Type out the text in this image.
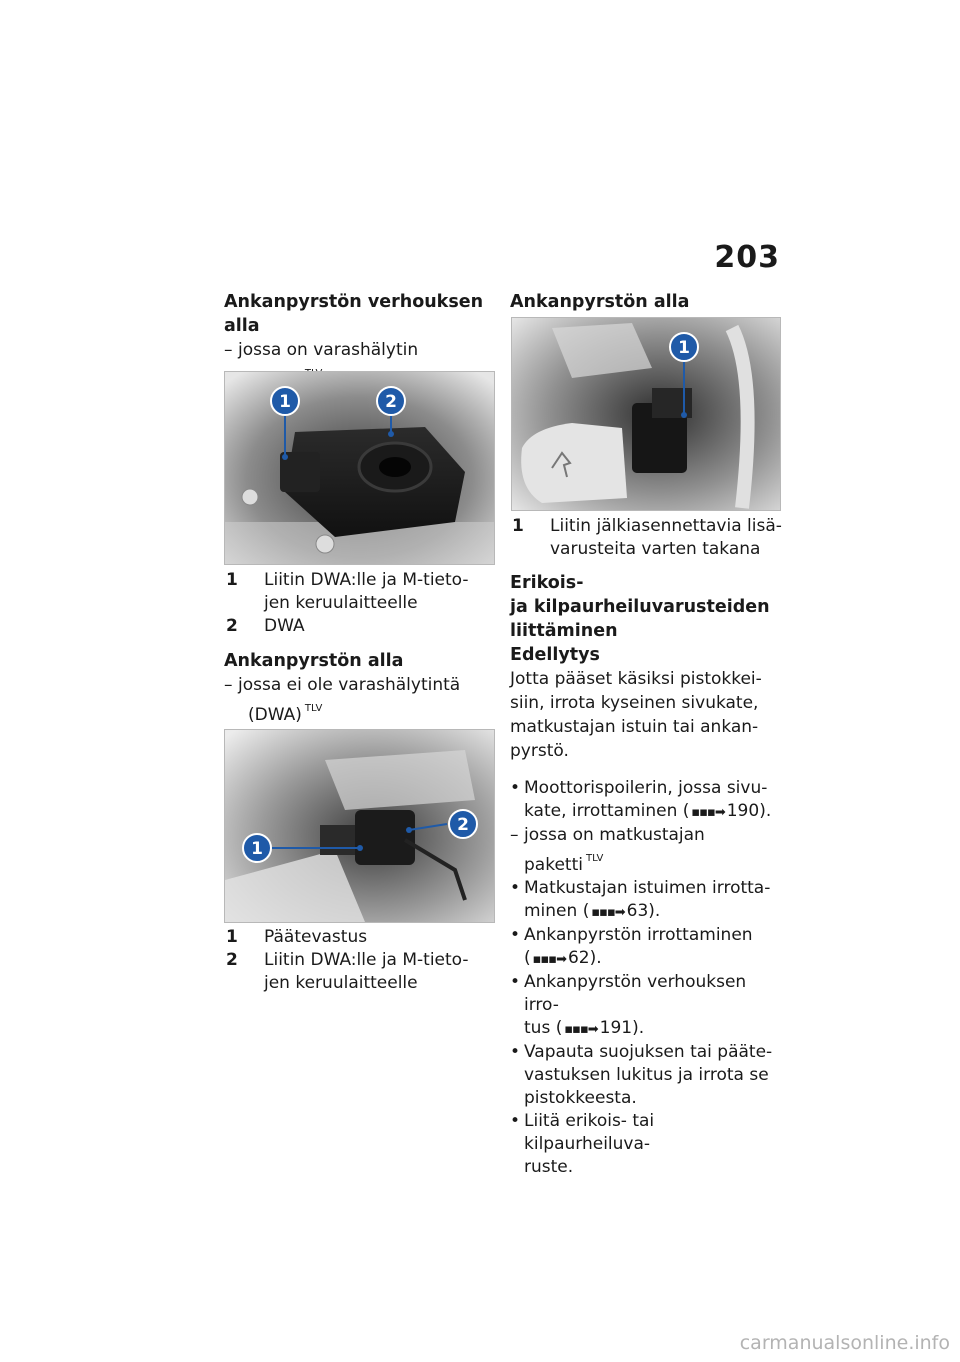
203

Ankanpyrstön verhouksen alla

– jossa on varashälytin
1	2
1	Liitin DWA:lle ja M-tieto-
jen keruulaitteelle
2	DWA

Ankanpyrstön alla

– jossa ei ole varashälytintä
(DWA) $^{TLV}$
1
2
1	Päätevastus
2	Liitin DWA:lle ja M-tieto-
jen keruulaitteelle

Ankanpyrstön alla

1
1	Liitin jälkiasennettavia lisä-
varusteita varten takana

Erikois-

ja kilpaurheiluvarusteiden

liittäminen

Edellytys

Jotta pääset käsiksi pistokkei-

siin, irrota kyseinen sivukate,

matkustajan istuin tai ankan-

pyrstö.

• Moottorispoilerin, jossa sivu-
kate, irrottaminen ( ▪▪▪➡ 190).
– jossa on matkustajan
paketti $^{TLV}$
• Matkustajan istuimen irrotta-
minen ( ▪▪▪➡ 63).
• Ankanpyrstön irrottaminen
( ▪▪▪➡ 62).
• Ankanpyrstön verhouksen irro-
tus ( ▪▪▪➡ 191).
• Vapauta suojuksen tai pääte-
vastuksen lukitus ja irrota se
pistokkeesta.
• Liitä erikois- tai kilpaurheiluva-
ruste.
carmanualsonline.info
